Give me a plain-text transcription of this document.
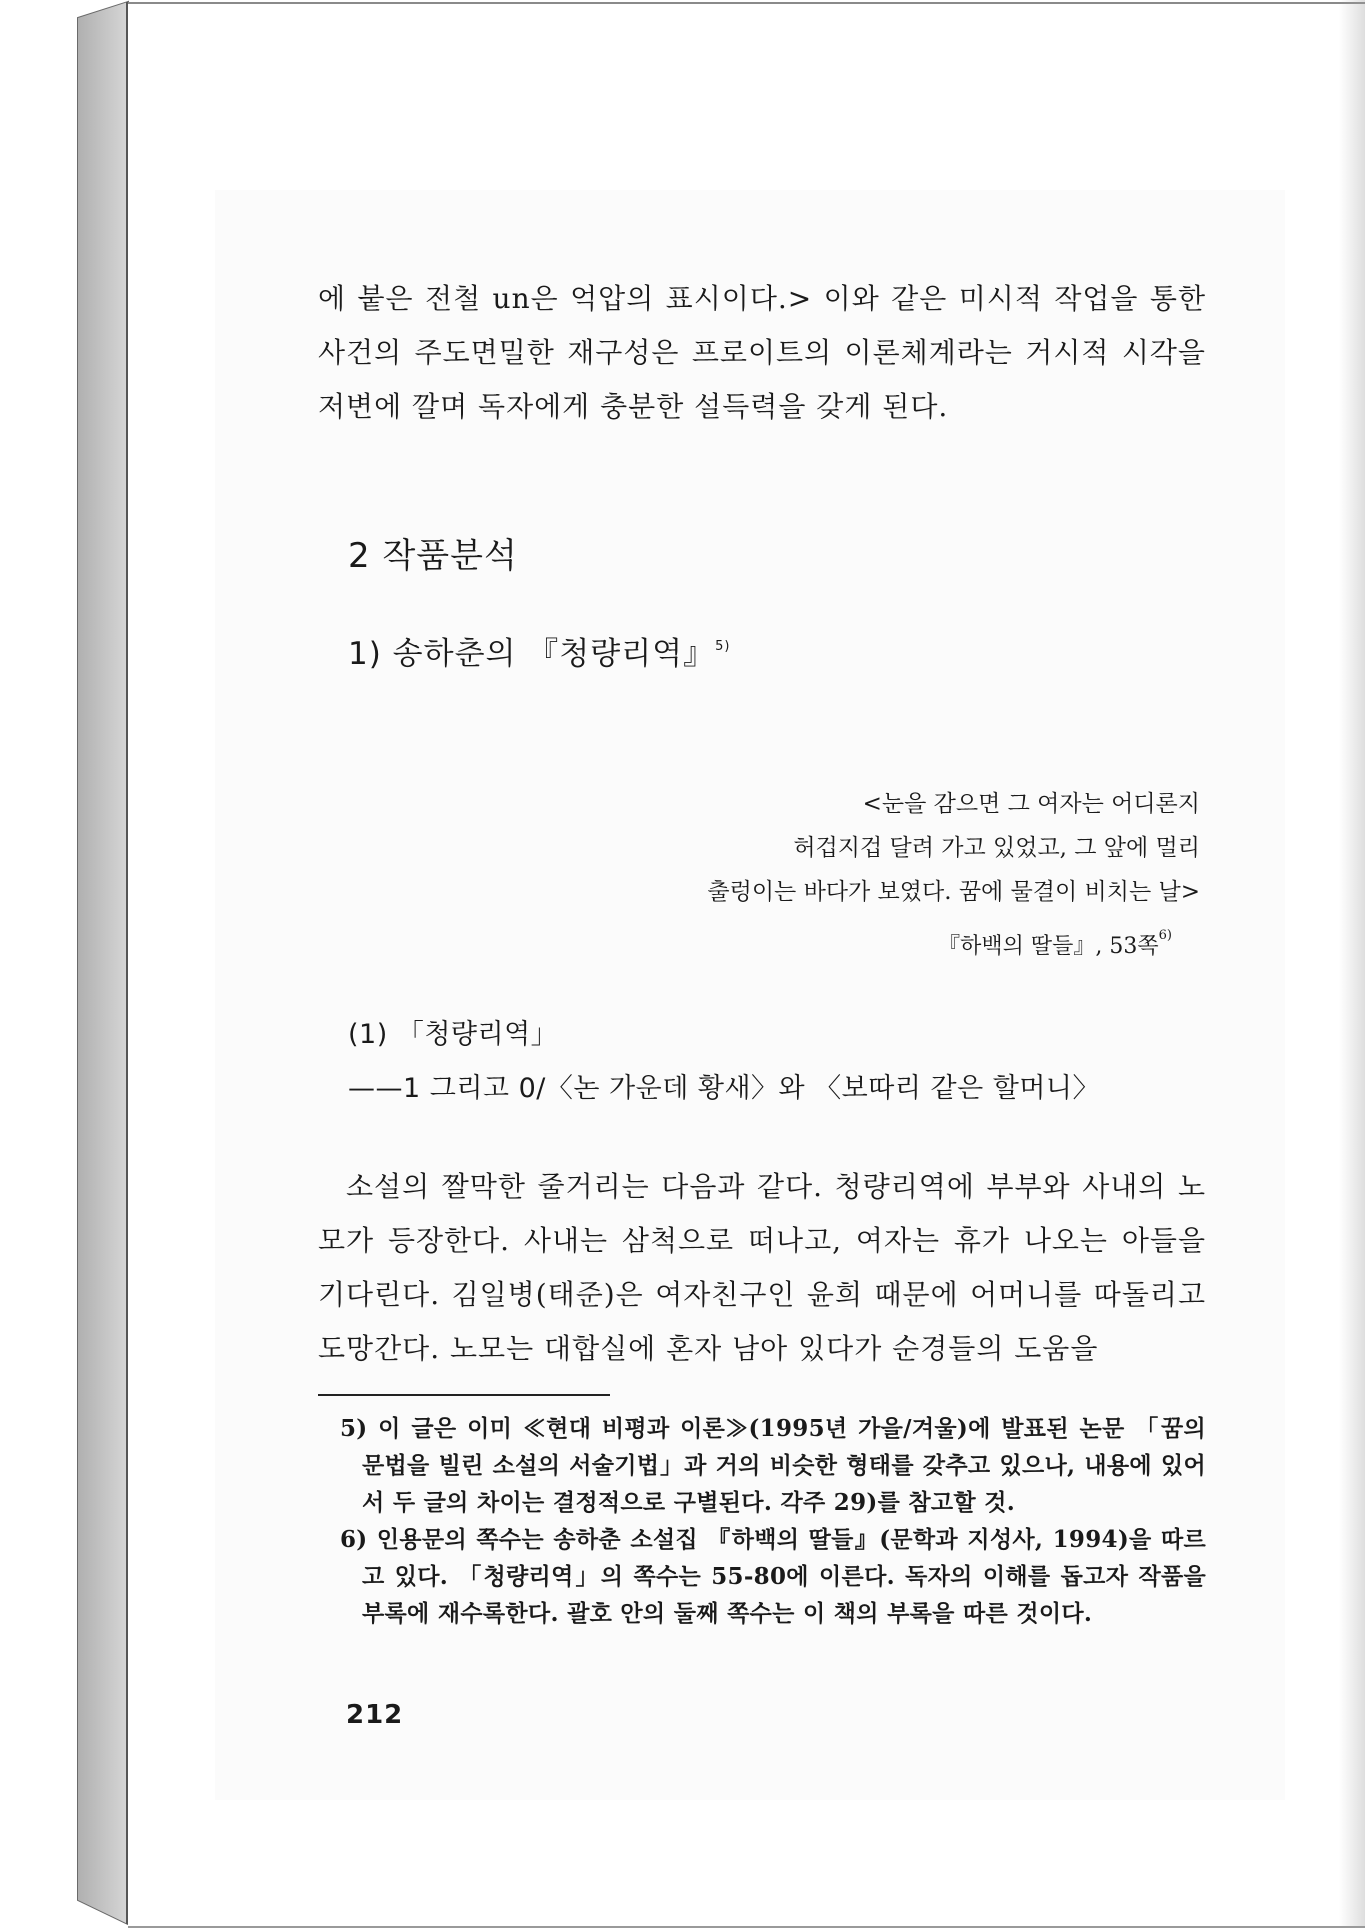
에 붙은 전철 un은 억압의 표시이다.> 이와 같은 미시적 작업을 통한 사건의 주도면밀한 재구성은 프로이트의 이론체계라는 거시적 시각을 저변에 깔며 독자에게 충분한 설득력을 갖게 된다.

2 작품분석
1) 송하춘의 『청량리역』$^{5)}$
<눈을 감으면 그 여자는 어디론지
허겁지겁 달려 가고 있었고, 그 앞에 멀리
출렁이는 바다가 보였다. 꿈에 물결이 비치는 날>
『하백의 딸들』, 53쪽$^{6)}$
(1) 「청량리역」
——1 그리고 0/〈논 가운데 황새〉와 〈보따리 같은 할머니〉

소설의 짤막한 줄거리는 다음과 같다. 청량리역에 부부와 사내의 노모가 등장한다. 사내는 삼척으로 떠나고, 여자는 휴가 나오는 아들을 기다린다. 김일병(태준)은 여자친구인 윤희 때문에 어머니를 따돌리고 도망간다. 노모는 대합실에 혼자 남아 있다가 순경들의 도움을

5) 이 글은 이미 ≪현대 비평과 이론≫(1995년 가을/겨울)에 발표된 논문 「꿈의 문법을 빌린 소설의 서술기법」과 거의 비슷한 형태를 갖추고 있으나, 내용에 있어서 두 글의 차이는 결정적으로 구별된다. 각주 29)를 참고할 것.

6) 인용문의 쪽수는 송하춘 소설집 『하백의 딸들』(문학과 지성사, 1994)을 따르고 있다. 「청량리역」의 쪽수는 55-80에 이른다. 독자의 이해를 돕고자 작품을 부록에 재수록한다. 괄호 안의 둘째 쪽수는 이 책의 부록을 따른 것이다.

212
